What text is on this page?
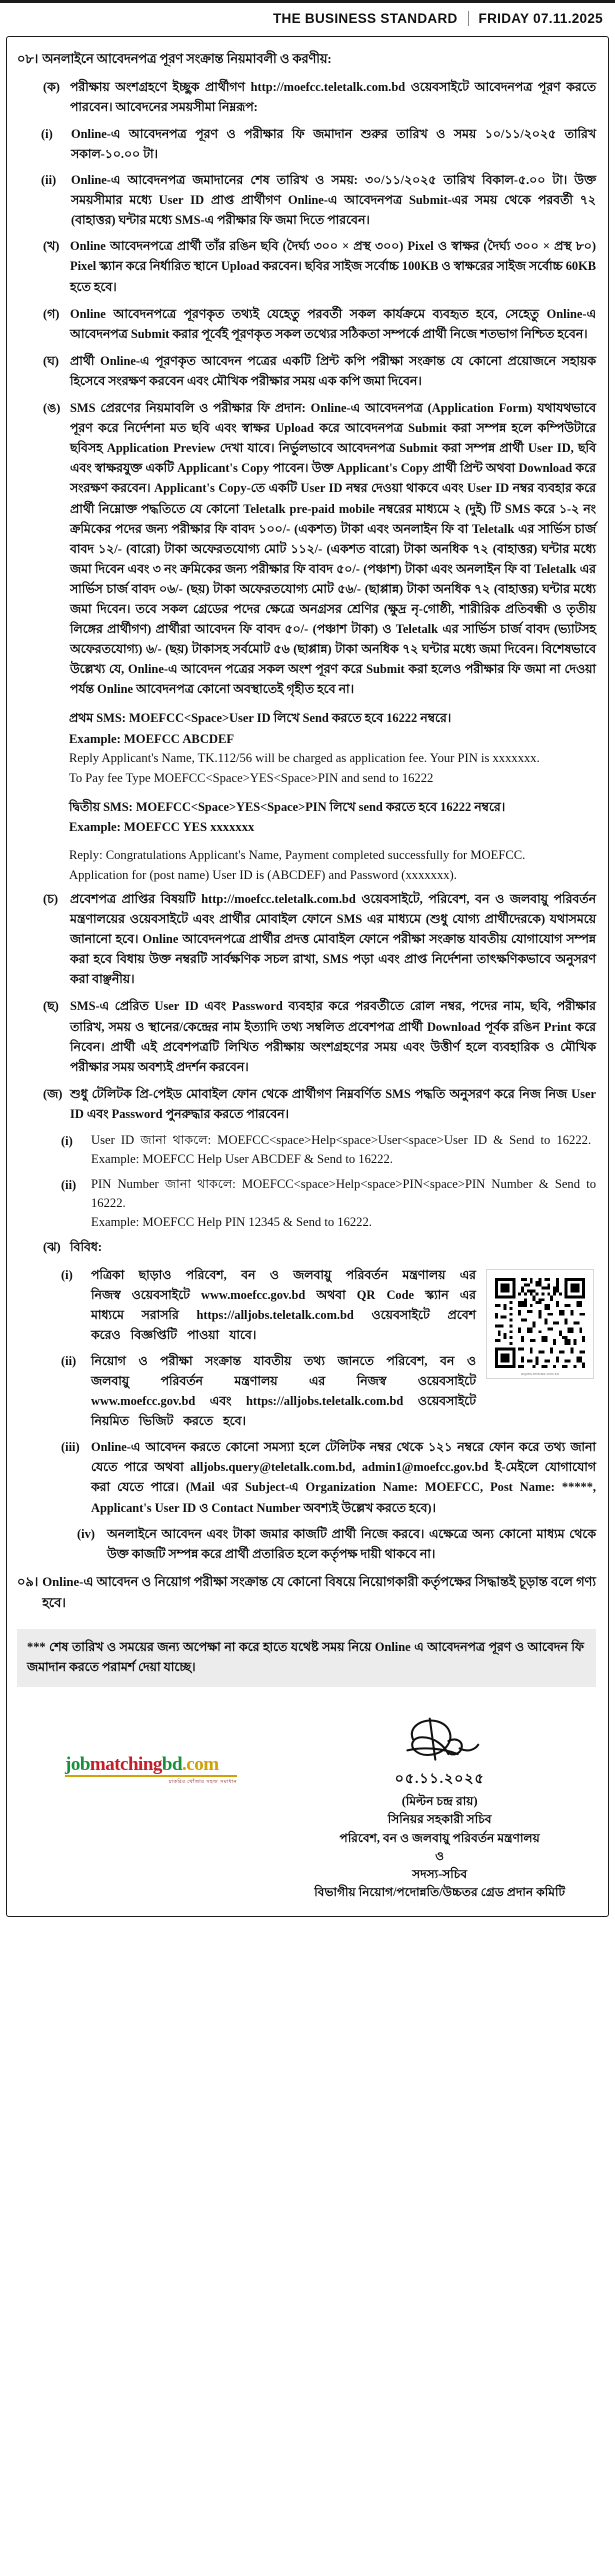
THE BUSINESS STANDARD FRIDAY 07.11.2025
০৮। অনলাইনে আবেদনপত্র পূরণ সংক্রান্ত নিয়মাবলী ও করণীয়:
(ক) পরীক্ষায় অংশগ্রহণে ইচ্ছুক প্রার্থীগণ http://moefcc.teletalk.com.bd ওয়েবসাইটে আবেদনপত্র পূরণ করতে পারবেন। আবেদনের সময়সীমা নিম্নরূপ:
(i)	Online-এ আবেদনপত্র পূরণ ও পরীক্ষার ফি জমাদান শুরুর তারিখ ও সময় ১০/১১/২০২৫ তারিখ সকাল-১০.০০ টা।
(ii)	Online-এ আবেদনপত্র জমাদানের শেষ তারিখ ও সময়: ৩০/১১/২০২৫ তারিখ বিকাল-৫.০০ টা। উক্ত সময়সীমার মধ্যে User ID প্রাপ্ত প্রার্থীগণ Online-এ আবেদনপত্র Submit-এর সময় থেকে পরবর্তী ৭২ (বাহাত্তর) ঘন্টার মধ্যে SMS-এ পরীক্ষার ফি জমা দিতে পারবেন।
(খ) Online আবেদনপত্রে প্রার্থী তাঁর রঙিন ছবি (দৈর্ঘ্য ৩০০ × প্রস্থ ৩০০) Pixel ও স্বাক্ষর (দৈর্ঘ্য ৩০০ × প্রস্থ ৮০) Pixel স্ক্যান করে নির্ধারিত স্থানে Upload করবেন। ছবির সাইজ সর্বোচ্চ 100KB ও স্বাক্ষরের সাইজ সর্বোচ্চ 60KB হতে হবে।
(গ) Online আবেদনপত্রে পূরণকৃত তথ্যই যেহেতু পরবর্তী সকল কার্যক্রমে ব্যবহৃত হবে, সেহেতু Online-এ আবেদনপত্র Submit করার পূর্বেই পূরণকৃত সকল তথ্যের সঠিকতা সম্পর্কে প্রার্থী নিজে শতভাগ নিশ্চিত হবেন।
(ঘ) প্রার্থী Online-এ পূরণকৃত আবেদন পত্রের একটি প্রিন্ট কপি পরীক্ষা সংক্রান্ত যে কোনো প্রয়োজনে সহায়ক হিসেবে সংরক্ষণ করবেন এবং মৌখিক পরীক্ষার সময় এক কপি জমা দিবেন।
(ঙ) SMS প্রেরণের নিয়মাবলি ও পরীক্ষার ফি প্রদান: Online-এ আবেদনপত্র (Application Form) যথাযথভাবে পূরণ করে নির্দেশনা মত ছবি এবং স্বাক্ষর Upload করে আবেদনপত্র Submit করা সম্পন্ন হলে কম্পিউটারে ছবিসহ Application Preview দেখা যাবে। নির্ভুলভাবে আবেদনপত্র Submit করা সম্পন্ন প্রার্থী User ID, ছবি এবং স্বাক্ষরযুক্ত একটি Applicant's Copy পাবেন। উক্ত Applicant's Copy প্রার্থী প্রিন্ট অথবা Download করে সংরক্ষণ করবেন। Applicant's Copy-তে একটি User ID নম্বর দেওয়া থাকবে এবং User ID নম্বর ব্যবহার করে প্রার্থী নিম্নোক্ত পদ্ধতিতে যে কোনো Teletalk pre-paid mobile নম্বরের মাধ্যমে ২ (দুই) টি SMS করে ১-২ নং ক্রমিকের পদের জন্য পরীক্ষার ফি বাবদ ১০০/- (একশত) টাকা এবং অনলাইন ফি বা Teletalk এর সার্ভিস চার্জ বাবদ ১২/- (বারো) টাকা অফেরতযোগ্য মোট ১১২/- (একশত বারো) টাকা অনধিক ৭২ (বাহাত্তর) ঘন্টার মধ্যে জমা দিবেন এবং ৩ নং ক্রমিকের জন্য পরীক্ষার ফি বাবদ ৫০/- (পঞ্চাশ) টাকা এবং অনলাইন ফি বা Teletalk এর সার্ভিস চার্জ বাবদ ০৬/- (ছয়) টাকা অফেরতযোগ্য মোট ৫৬/- (ছাপ্পান্ন) টাকা অনধিক ৭২ (বাহাত্তর) ঘন্টার মধ্যে জমা দিবেন। তবে সকল গ্রেডের পদের ক্ষেত্রে অনগ্রসর শ্রেণির (ক্ষুদ্র নৃ-গোষ্ঠী, শারীরিক প্রতিবন্ধী ও তৃতীয় লিঙ্গের প্রার্থীগণ) প্রার্থীরা আবেদন ফি বাবদ ৫০/- (পঞ্চাশ টাকা) ও Teletalk এর সার্ভিস চার্জ বাবদ (ভ্যাটসহ অফেরতযোগ্য) ৬/- (ছয়) টাকাসহ সর্বমোট ৫৬ (ছাপ্পান্ন) টাকা অনধিক ৭২ ঘন্টার মধ্যে জমা দিবেন। বিশেষভাবে উল্লেখ্য যে, Online-এ আবেদন পত্রের সকল অংশ পূরণ করে Submit করা হলেও পরীক্ষার ফি জমা না দেওয়া পর্যন্ত Online আবেদনপত্র কোনো অবস্থাতেই গৃহীত হবে না।
প্রথম SMS: MOEFCC<Space>User ID লিখে Send করতে হবে 16222 নম্বরে।
Example: MOEFCC ABCDEF
Reply Applicant's Name, TK.112/56 will be charged as application fee. Your PIN is xxxxxxx.
To Pay fee Type MOEFCC<Space>YES<Space>PIN and send to 16222
দ্বিতীয় SMS: MOEFCC<Space>YES<Space>PIN লিখে send করতে হবে 16222 নম্বরে।
Example: MOEFCC YES xxxxxxx
Reply: Congratulations Applicant's Name, Payment completed successfully for MOEFCC.
Application for (post name) User ID is (ABCDEF) and Password (xxxxxxx).
(চ) প্রবেশপত্র প্রাপ্তির বিষয়টি http://moefcc.teletalk.com.bd ওয়েবসাইটে, পরিবেশ, বন ও জলবায়ু পরিবর্তন মন্ত্রণালয়ের ওয়েবসাইটে এবং প্রার্থীর মোবাইল ফোনে SMS এর মাধ্যমে (শুধু যোগ্য প্রার্থীদেরকে) যথাসময়ে জানানো হবে। Online আবেদনপত্রে প্রার্থীর প্রদত্ত মোবাইল ফোনে পরীক্ষা সংক্রান্ত যাবতীয় যোগাযোগ সম্পন্ন করা হবে বিধায় উক্ত নম্বরটি সার্বক্ষণিক সচল রাখা, SMS পড়া এবং প্রাপ্ত নির্দেশনা তাৎক্ষণিকভাবে অনুসরণ করা বাঞ্ছনীয়।
(ছ) SMS-এ প্রেরিত User ID এবং Password ব্যবহার করে পরবর্তীতে রোল নম্বর, পদের নাম, ছবি, পরীক্ষার তারিখ, সময় ও স্থানের/কেন্দ্রের নাম ইত্যাদি তথ্য সম্বলিত প্রবেশপত্র প্রার্থী Download পূর্বক রঙিন Print করে নিবেন। প্রার্থী এই প্রবেশপত্রটি লিখিত পরীক্ষায় অংশগ্রহণের সময় এবং উত্তীর্ণ হলে ব্যবহারিক ও মৌখিক পরীক্ষার সময় অবশ্যই প্রদর্শন করবেন।
(জ) শুধু টেলিটক প্রি-পেইড মোবাইল ফোন থেকে প্রার্থীগণ নিম্নবর্ণিত SMS পদ্ধতি অনুসরণ করে নিজ নিজ User ID এবং Password পুনরুদ্ধার করতে পারবেন।
(i)	User ID জানা থাকলে: MOEFCC<space>Help<space>User<space>User ID & Send to 16222.
Example: MOEFCC Help User ABCDEF & Send to 16222.
(ii)	PIN Number জানা থাকলে: MOEFCC<space>Help<space>PIN<space>PIN Number & Send to 16222.
Example: MOEFCC Help PIN 12345 & Send to 16222.
(ঝ) বিবিধ:
alljobs.teletalk.com.bd
(i)	পত্রিকা ছাড়াও পরিবেশ, বন ও জলবায়ু পরিবর্তন মন্ত্রণালয় এর নিজস্ব ওয়েবসাইটে www.moefcc.gov.bd অথবা QR Code স্ক্যান এর মাধ্যমে সরাসরি https://alljobs.teletalk.com.bd ওয়েবসাইটে প্রবেশ করেও বিজ্ঞপ্তিটি পাওয়া যাবে।
(ii)	নিয়োগ ও পরীক্ষা সংক্রান্ত যাবতীয় তথ্য জানতে পরিবেশ, বন ও জলবায়ু পরিবর্তন মন্ত্রণালয় এর নিজস্ব ওয়েবসাইটে www.moefcc.gov.bd এবং https://alljobs.teletalk.com.bd ওয়েবসাইটে নিয়মিত ভিজিট করতে হবে।
(iii) Online-এ আবেদন করতে কোনো সমস্যা হলে টেলিটক নম্বর থেকে ১২১ নম্বরে ফোন করে তথ্য জানা যেতে পারে অথবা alljobs.query@teletalk.com.bd, admin1@moefcc.gov.bd ই-মেইলে যোগাযোগ করা যেতে পারে। (Mail এর Subject-এ Organization Name: MOEFCC, Post Name: *****, Applicant's User ID ও Contact Number অবশ্যই উল্লেখ করতে হবে)।
(iv) অনলাইনে আবেদন এবং টাকা জমার কাজটি প্রার্থী নিজে করবে। এক্ষেত্রে অন্য কোনো মাধ্যম থেকে উক্ত কাজটি সম্পন্ন করে প্রার্থী প্রতারিত হলে কর্তৃপক্ষ দায়ী থাকবে না।
০৯। Online-এ আবেদন ও নিয়োগ পরীক্ষা সংক্রান্ত যে কোনো বিষয়ে নিয়োগকারী কর্তৃপক্ষের সিদ্ধান্তই চূড়ান্ত বলে গণ্য হবে।
*** শেষ তারিখ ও সময়ের জন্য অপেক্ষা না করে হাতে যথেষ্ট সময় নিয়ে Online এ আবেদনপত্র পূরণ ও আবেদন ফি জমাদান করতে পরামর্শ দেয়া যাচ্ছে।
jobmatchingbd.com
চাকরির খোঁজার সহজ সমাধান	০৫.১১.২০২৫
(মিল্টন চন্দ্র রায়)
সিনিয়র সহকারী সচিব
পরিবেশ, বন ও জলবায়ু পরিবর্তন মন্ত্রণালয়
ও
সদস্য-সচিব
বিভাগীয় নিয়োগ/পদোন্নতি/উচ্চতর গ্রেড প্রদান কমিটি
